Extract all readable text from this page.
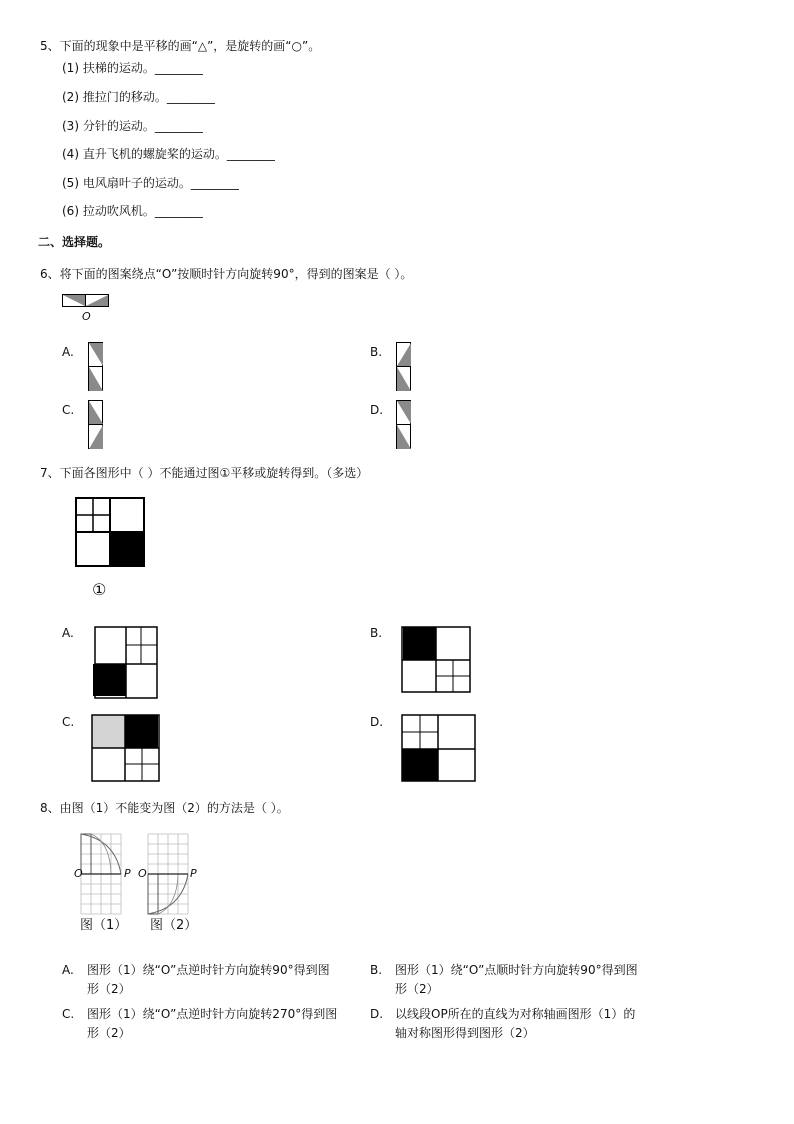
5、下面的现象中是平移的画“△”，是旋转的画“○”。
(1) 扶梯的运动。________
(2) 推拉门的移动。________
(3) 分针的运动。________
(4) 直升飞机的螺旋桨的运动。________
(5) 电风扇叶子的运动。________
(6) 拉动吹风机。________
二、选择题。
6、将下面的图案绕点“O”按顺时针方向旋转90°，得到的图案是（ ）。
O
A.	B.
C.	D.
7、下面各图形中（ ）不能通过图①平移或旋转得到。（多选）
①
A.	B.
C.	D.
8、由图（1）不能变为图（2）的方法是（ ）。
O	P
图（1）
O	P
图（2）
A. 图形（1）绕“O”点逆时针方向旋转90°得到图
形（2）
B. 图形（1）绕“O”点顺时针方向旋转90°得到图
形（2）
C. 图形（1）绕“O”点逆时针方向旋转270°得到图
形（2）
D. 以线段OP所在的直线为对称轴画图形（1）的
轴对称图形得到图形（2）
